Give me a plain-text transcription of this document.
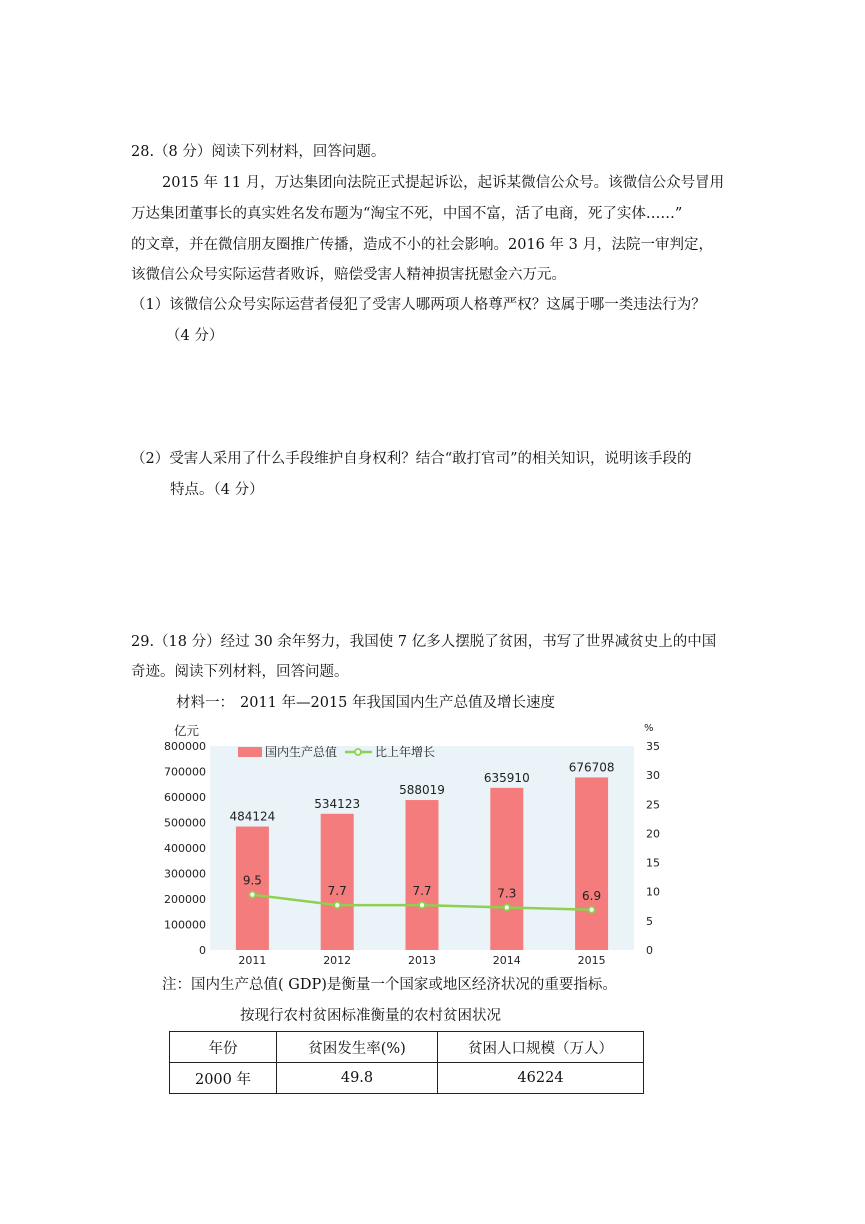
28.（8 分）阅读下列材料，回答问题。
2015 年 11 月，万达集团向法院正式提起诉讼，起诉某微信公众号。该微信公众号冒用
万达集团董事长的真实姓名发布题为“淘宝不死，中国不富，活了电商，死了实体……”
的文章，并在微信朋友圈推广传播，造成不小的社会影响。2016 年 3 月，法院一审判定，
该微信公众号实际运营者败诉，赔偿受害人精神损害抚慰金六万元。
（1）该微信公众号实际运营者侵犯了受害人哪两项人格尊严权？这属于哪一类违法行为？
（4 分）
（2）受害人采用了什么手段维护自身权利？结合“敢打官司”的相关知识，说明该手段的
特点。（4 分）
29.（18 分）经过 30 余年努力，我国使 7 亿多人摆脱了贫困，书写了世界减贫史上的中国
奇迹。阅读下列材料，回答问题。
材料一： 2011 年—2015 年我国国内生产总值及增长速度
484124
534123
588019
635910
676708
9.5
7.7	7.7	7.3	6.9
800000
700000
600000
500000
400000
300000
200000
100000
0
35
30
25
20
15
10
5
0
2011	2012	2013	2014	2015
亿元	%
国内生产总值	比上年增长
注：国内生产总值( GDP)是衡量一个国家或地区经济状况的重要指标。
按现行农村贫困标准衡量的农村贫困状况
年份	贫困发生率(%)	贫困人口规模（万人）
2000 年	49.8	46224
